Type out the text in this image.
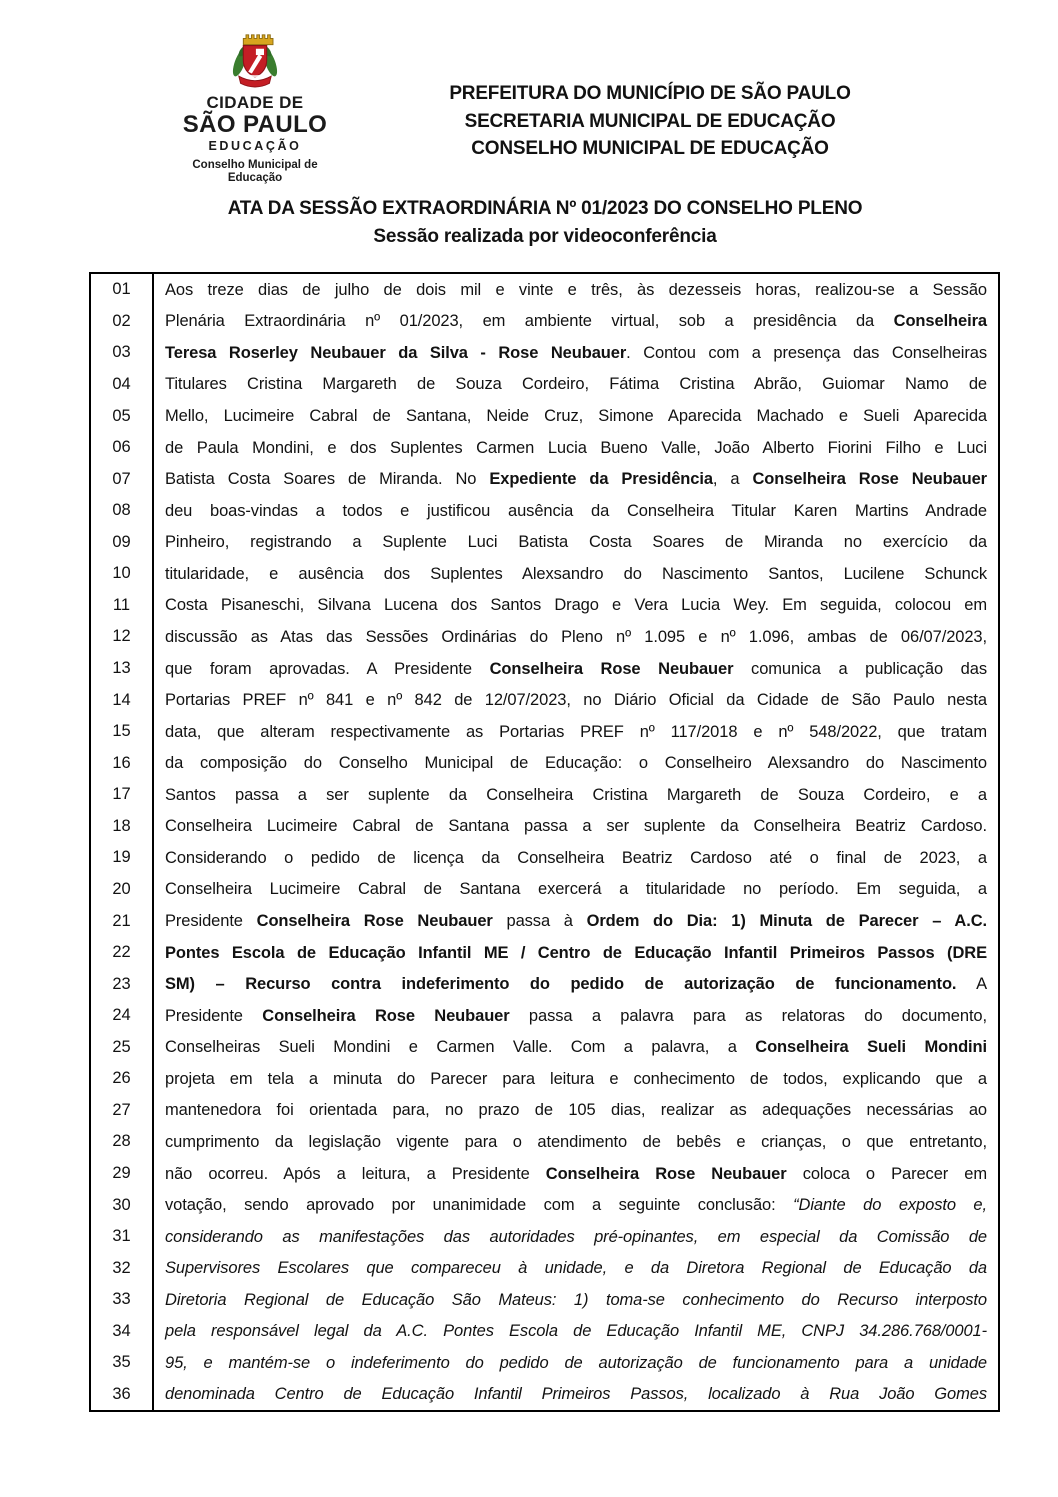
CIDADE DE
SÃO PAULO
EDUCAÇÃO
Conselho Municipal de Educação
PREFEITURA DO MUNICÍPIO DE SÃO PAULO
SECRETARIA MUNICIPAL DE EDUCAÇÃO
CONSELHO MUNICIPAL DE EDUCAÇÃO
ATA DA SESSÃO EXTRAORDINÁRIA Nº 01/2023 DO CONSELHO PLENO
Sessão realizada por videoconferência
01	Aos treze dias de julho de dois mil e vinte e três, às dezesseis horas, realizou-se a Sessão
02	Plenária Extraordinária nº 01/2023, em ambiente virtual, sob a presidência da Conselheira
03	Teresa Roserley Neubauer da Silva - Rose Neubauer. Contou com a presença das Conselheiras
04	Titulares Cristina Margareth de Souza Cordeiro, Fátima Cristina Abrão, Guiomar Namo de
05	Mello, Lucimeire Cabral de Santana, Neide Cruz, Simone Aparecida Machado e Sueli Aparecida
06	de Paula Mondini, e dos Suplentes Carmen Lucia Bueno Valle, João Alberto Fiorini Filho e Luci
07	Batista Costa Soares de Miranda. No Expediente da Presidência, a Conselheira Rose Neubauer
08	deu boas-vindas a todos e justificou ausência da Conselheira Titular Karen Martins Andrade
09	Pinheiro, registrando a Suplente Luci Batista Costa Soares de Miranda no exercício da
10	titularidade, e ausência dos Suplentes Alexsandro do Nascimento Santos, Lucilene Schunck
11	Costa Pisaneschi, Silvana Lucena dos Santos Drago e Vera Lucia Wey. Em seguida, colocou em
12	discussão as Atas das Sessões Ordinárias do Pleno nº 1.095 e nº 1.096, ambas de 06/07/2023,
13	que foram aprovadas. A Presidente Conselheira Rose Neubauer comunica a publicação das
14	Portarias PREF nº 841 e nº 842 de 12/07/2023, no Diário Oficial da Cidade de São Paulo nesta
15	data, que alteram respectivamente as Portarias PREF nº 117/2018 e nº 548/2022, que tratam
16	da composição do Conselho Municipal de Educação: o Conselheiro Alexsandro do Nascimento
17	Santos passa a ser suplente da Conselheira Cristina Margareth de Souza Cordeiro, e a
18	Conselheira Lucimeire Cabral de Santana passa a ser suplente da Conselheira Beatriz Cardoso.
19	Considerando o pedido de licença da Conselheira Beatriz Cardoso até o final de 2023, a
20	Conselheira Lucimeire Cabral de Santana exercerá a titularidade no período. Em seguida, a
21	Presidente Conselheira Rose Neubauer passa à Ordem do Dia: 1) Minuta de Parecer – A.C.
22	Pontes Escola de Educação Infantil ME / Centro de Educação Infantil Primeiros Passos (DRE
23	SM) – Recurso contra indeferimento do pedido de autorização de funcionamento. A
24	Presidente Conselheira Rose Neubauer passa a palavra para as relatoras do documento,
25	Conselheiras Sueli Mondini e Carmen Valle. Com a palavra, a Conselheira Sueli Mondini
26	projeta em tela a minuta do Parecer para leitura e conhecimento de todos, explicando que a
27	mantenedora foi orientada para, no prazo de 105 dias, realizar as adequações necessárias ao
28	cumprimento da legislação vigente para o atendimento de bebês e crianças, o que entretanto,
29	não ocorreu. Após a leitura, a Presidente Conselheira Rose Neubauer coloca o Parecer em
30	votação, sendo aprovado por unanimidade com a seguinte conclusão: “Diante do exposto e,
31	considerando as manifestações das autoridades pré-opinantes, em especial da Comissão de
32	Supervisores Escolares que compareceu à unidade, e da Diretora Regional de Educação da
33	Diretoria Regional de Educação São Mateus: 1) toma-se conhecimento do Recurso interposto
34	pela responsável legal da A.C. Pontes Escola de Educação Infantil ME, CNPJ 34.286.768/0001-
35	95, e mantém-se o indeferimento do pedido de autorização de funcionamento para a unidade
36	denominada Centro de Educação Infantil Primeiros Passos, localizado à Rua João Gomes
